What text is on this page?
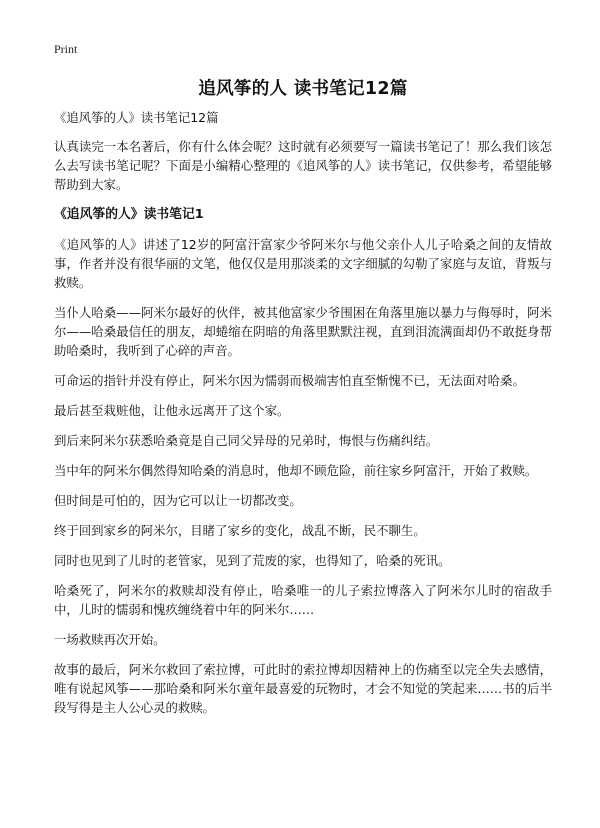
Print
追风筝的人 读书笔记12篇
《追风筝的人》读书笔记12篇

认真读完一本名著后，你有什么体会呢？这时就有必须要写一篇读书笔记了！那么我们该怎么去写读书笔记呢？下面是小编精心整理的《追风筝的人》读书笔记，仅供参考，希望能够帮助到大家。

《追风筝的人》读书笔记1

《追风筝的人》讲述了12岁的阿富汗富家少爷阿米尔与他父亲仆人儿子哈桑之间的友情故事，作者并没有很华丽的文笔，他仅仅是用那淡柔的文字细腻的勾勒了家庭与友谊，背叛与救赎。

当仆人哈桑——阿米尔最好的伙伴，被其他富家少爷围困在角落里施以暴力与侮辱时，阿米尔——哈桑最信任的朋友，却蜷缩在阴暗的角落里默默注视，直到泪流满面却仍不敢挺身帮助哈桑时，我听到了心碎的声音。

可命运的指针并没有停止，阿米尔因为懦弱而极端害怕直至惭愧不已，无法面对哈桑。

最后甚至栽赃他，让他永远离开了这个家。

到后来阿米尔获悉哈桑竟是自己同父异母的兄弟时，悔恨与伤痛纠结。

当中年的阿米尔偶然得知哈桑的消息时，他却不顾危险，前往家乡阿富汗，开始了救赎。

但时间是可怕的，因为它可以让一切都改变。

终于回到家乡的阿米尔，目睹了家乡的变化，战乱不断，民不聊生。

同时也见到了儿时的老管家，见到了荒废的家，也得知了，哈桑的死讯。

哈桑死了，阿米尔的救赎却没有停止，哈桑唯一的儿子索拉博落入了阿米尔儿时的宿敌手中，儿时的懦弱和愧疚缠绕着中年的阿米尔……

一场救赎再次开始。

故事的最后，阿米尔救回了索拉博，可此时的索拉博却因精神上的伤痛至以完全失去感情，唯有说起风筝——那哈桑和阿米尔童年最喜爱的玩物时，才会不知觉的笑起来……书的后半段写得是主人公心灵的救赎。
